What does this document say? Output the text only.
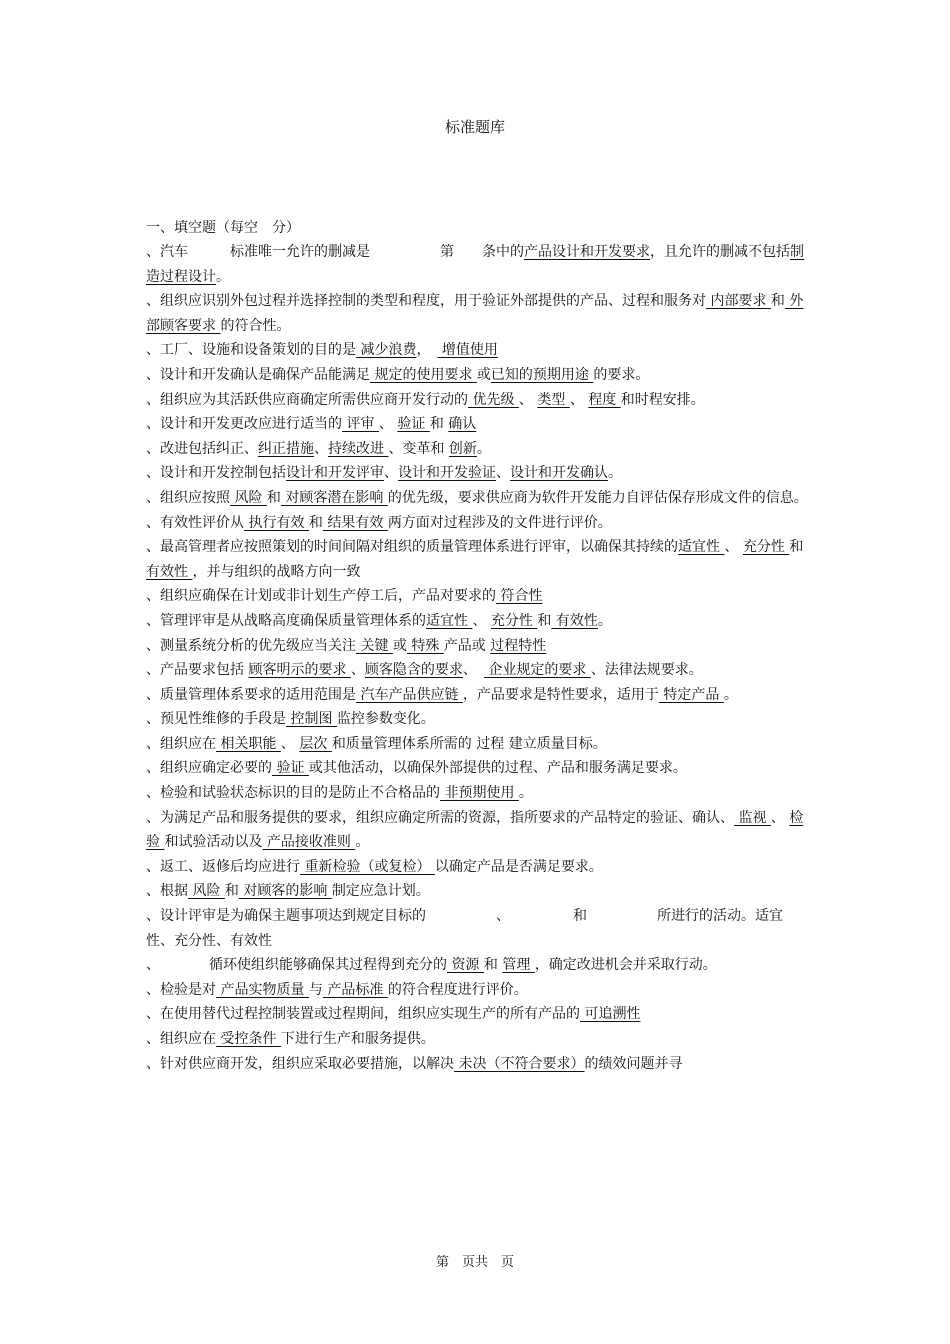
标准题库
一、填空题（每空　分）

、汽车　　　标准唯一允许的删减是　　　　　第　　条中的产品设计和开发要求，且允许的删减不包括制造过程设计。

、组织应识别外包过程并选择控制的类型和程度，用于验证外部提供的产品、过程和服务对 内部要求 和 外部顾客要求 的符合性。

、工厂、设施和设备策划的目的是 减少浪费，　 增值使用

、设计和开发确认是确保产品能满足 规定的使用要求 或已知的预期用途 的要求。

、组织应为其活跃供应商确定所需供应商开发行动的 优先级 、 类型 、 程度 和时程安排。

、设计和开发更改应进行适当的 评审 、 验证 和 确认

、改进包括纠正、纠正措施、持续改进 、变革和 创新。

、设计和开发控制包括设计和开发评审、设计和开发验证、设计和开发确认。

、组织应按照 风险 和 对顾客潜在影响 的优先级，要求供应商为软件开发能力自评估保存形成文件的信息。

、有效性评价从 执行有效 和 结果有效 两方面对过程涉及的文件进行评价。

、最高管理者应按照策划的时间间隔对组织的质量管理体系进行评审，以确保其持续的适宜性 、 充分性 和 有效性 ，并与组织的战略方向一致

、组织应确保在计划或非计划生产停工后，产品对要求的 符合性

、管理评审是从战略高度确保质量管理体系的适宜性 、 充分性 和 有效性。

、测量系统分析的优先级应当关注 关键 或 特殊 产品或 过程特性

、产品要求包括 顾客明示的要求 、顾客隐含的要求、　 企业规定的要求 、法律法规要求。

、质量管理体系要求的适用范围是 汽车产品供应链 ，产品要求是特性要求，适用于 特定产品 。

、预见性维修的手段是 控制图 监控参数变化。

、组织应在 相关职能 、 层次 和质量管理体系所需的 过程 建立质量目标。

、组织应确定必要的 验证 或其他活动，以确保外部提供的过程、产品和服务满足要求。

、检验和试验状态标识的目的是防止不合格品的 非预期使用 。

、为满足产品和服务提供的要求，组织应确定所需的资源，指所要求的产品特定的验证、确认、 监视 、 检验 和试验活动以及 产品接收准则 。

、返工、返修后均应进行 重新检验（或复检） 以确定产品是否满足要求。

、根据 风险 和 对顾客的影响 制定应急计划。

、设计评审是为确保主题事项达到规定目标的　　　　　、　　　　　和　　　　　所进行的活动。适宜性、充分性、有效性

、　　　　循环使组织能够确保其过程得到充分的 资源 和 管理 ，确定改进机会并采取行动。

、检验是对 产品实物质量 与 产品标准 的符合程度进行评价。

、在使用替代过程控制装置或过程期间，组织应实现生产的所有产品的 可追溯性

、组织应在 受控条件 下进行生产和服务提供。

、针对供应商开发，组织应采取必要措施，以解决 未决（不符合要求）的绩效问题并寻

第　页共　页
